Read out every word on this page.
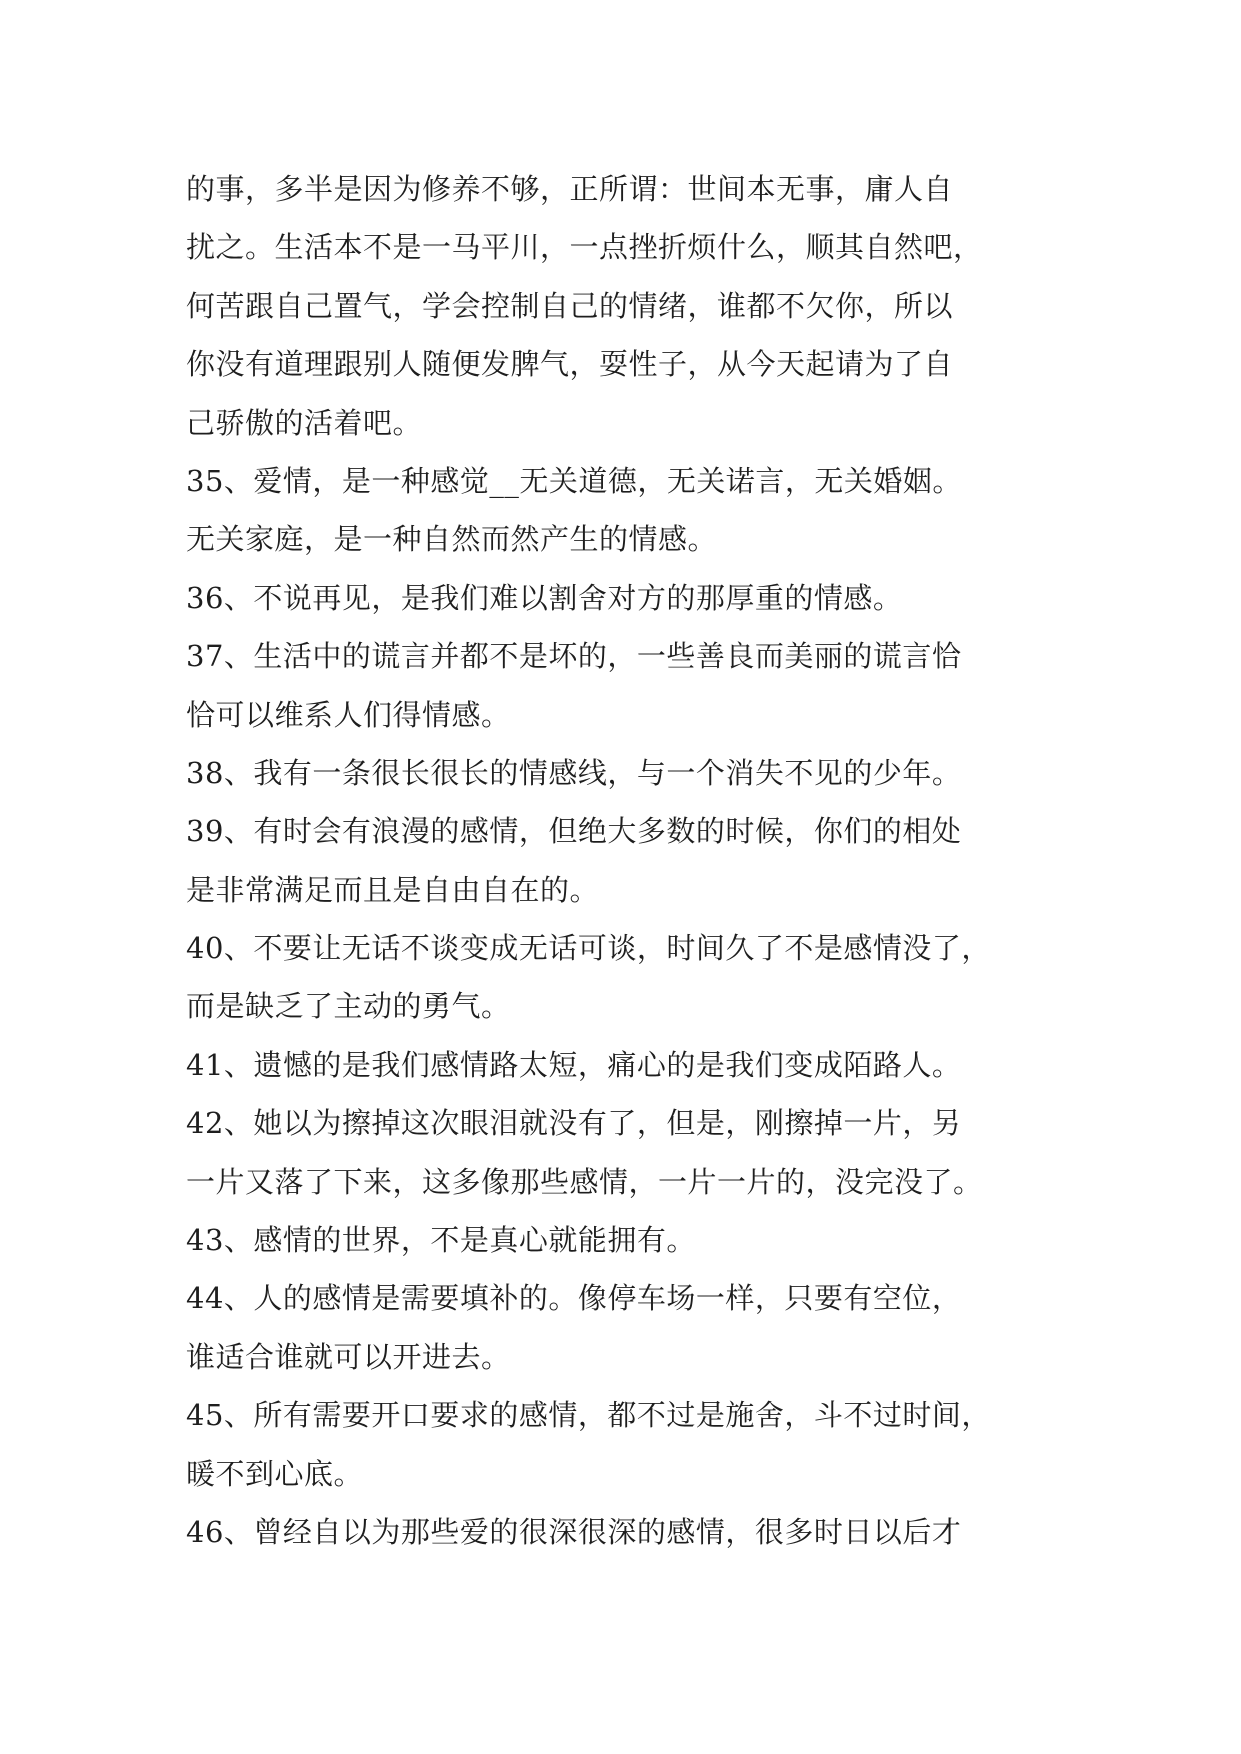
的事，多半是因为修养不够，正所谓：世间本无事，庸人自
扰之。生活本不是一马平川，一点挫折烦什么，顺其自然吧，
何苦跟自己置气，学会控制自己的情绪，谁都不欠你，所以
你没有道理跟别人随便发脾气，耍性子，从今天起请为了自
己骄傲的活着吧。
35、爱情，是一种感觉__无关道德，无关诺言，无关婚姻。
无关家庭，是一种自然而然产生的情感。
36、不说再见，是我们难以割舍对方的那厚重的情感。
37、生活中的谎言并都不是坏的，一些善良而美丽的谎言恰
恰可以维系人们得情感。
38、我有一条很长很长的情感线，与一个消失不见的少年。
39、有时会有浪漫的感情，但绝大多数的时候，你们的相处
是非常满足而且是自由自在的。
40、不要让无话不谈变成无话可谈，时间久了不是感情没了，
而是缺乏了主动的勇气。
41、遗憾的是我们感情路太短，痛心的是我们变成陌路人。
42、她以为擦掉这次眼泪就没有了，但是，刚擦掉一片，另
一片又落了下来，这多像那些感情，一片一片的，没完没了。
43、感情的世界，不是真心就能拥有。
44、人的感情是需要填补的。像停车场一样，只要有空位，
谁适合谁就可以开进去。
45、所有需要开口要求的感情，都不过是施舍，斗不过时间，
暖不到心底。
46、曾经自以为那些爱的很深很深的感情，很多时日以后才
